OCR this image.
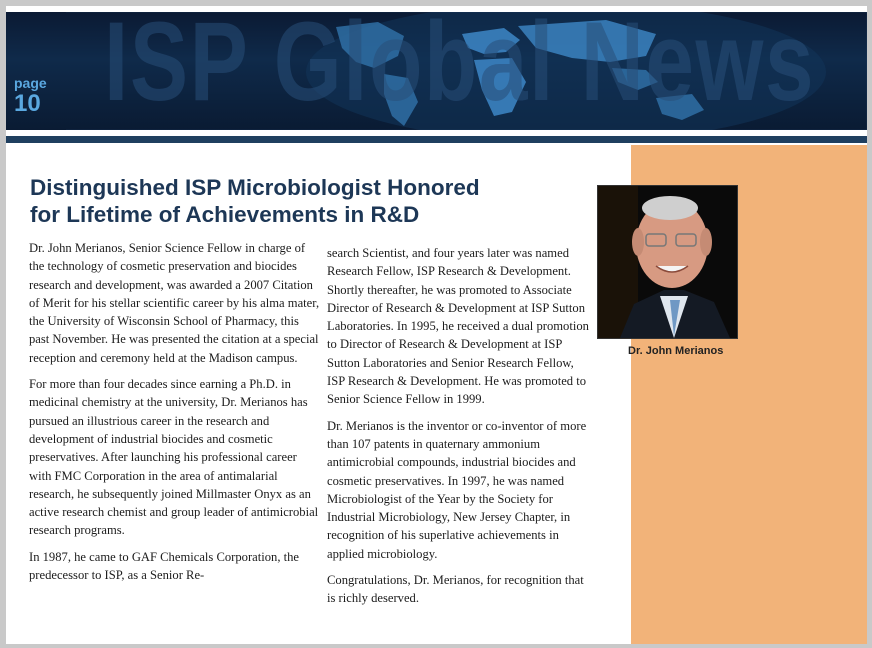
ISP Global News
page
10
Dr. John Merianos
Distinguished ISP Microbiologist Honored
for Lifetime of Achievements in R&D

Dr. John Merianos, Senior Science Fellow in charge of the technology of cosmetic preservation and biocides research and development, was awarded a 2007 Citation of Merit for his stellar scientific career by his alma mater, the University of Wisconsin School of Pharmacy, this past November. He was presented the citation at a special reception and ceremony held at the Madison campus.

For more than four decades since earning a Ph.D. in medicinal chemistry at the university, Dr. Merianos has pursued an illustrious career in the research and development of industrial biocides and cosmetic preservatives. After launching his professional career with FMC Corporation in the area of antimalarial research, he subsequently joined Millmaster Onyx as an active research chemist and group leader of antimicrobial research programs.

In 1987, he came to GAF Chemicals Corporation, the predecessor to ISP, as a Senior Re-

search Scientist, and four years later was named Research Fellow, ISP Research & Development. Shortly thereafter, he was promoted to Associate Director of Research & Development at ISP Sutton Laboratories. In 1995, he received a dual promotion to Director of Research & Development at ISP Sutton Laboratories and Senior Research Fellow, ISP Research & Development. He was promoted to Senior Science Fellow in 1999.

Dr. Merianos is the inventor or co-inventor of more than 107 patents in quaternary ammonium antimicrobial compounds, industrial biocides and cosmetic preservatives. In 1997, he was named Microbiologist of the Year by the Society for Industrial Microbiology, New Jersey Chapter, in recognition of his superlative achievements in applied microbiology.

Congratulations, Dr. Merianos, for recognition that is richly deserved.
